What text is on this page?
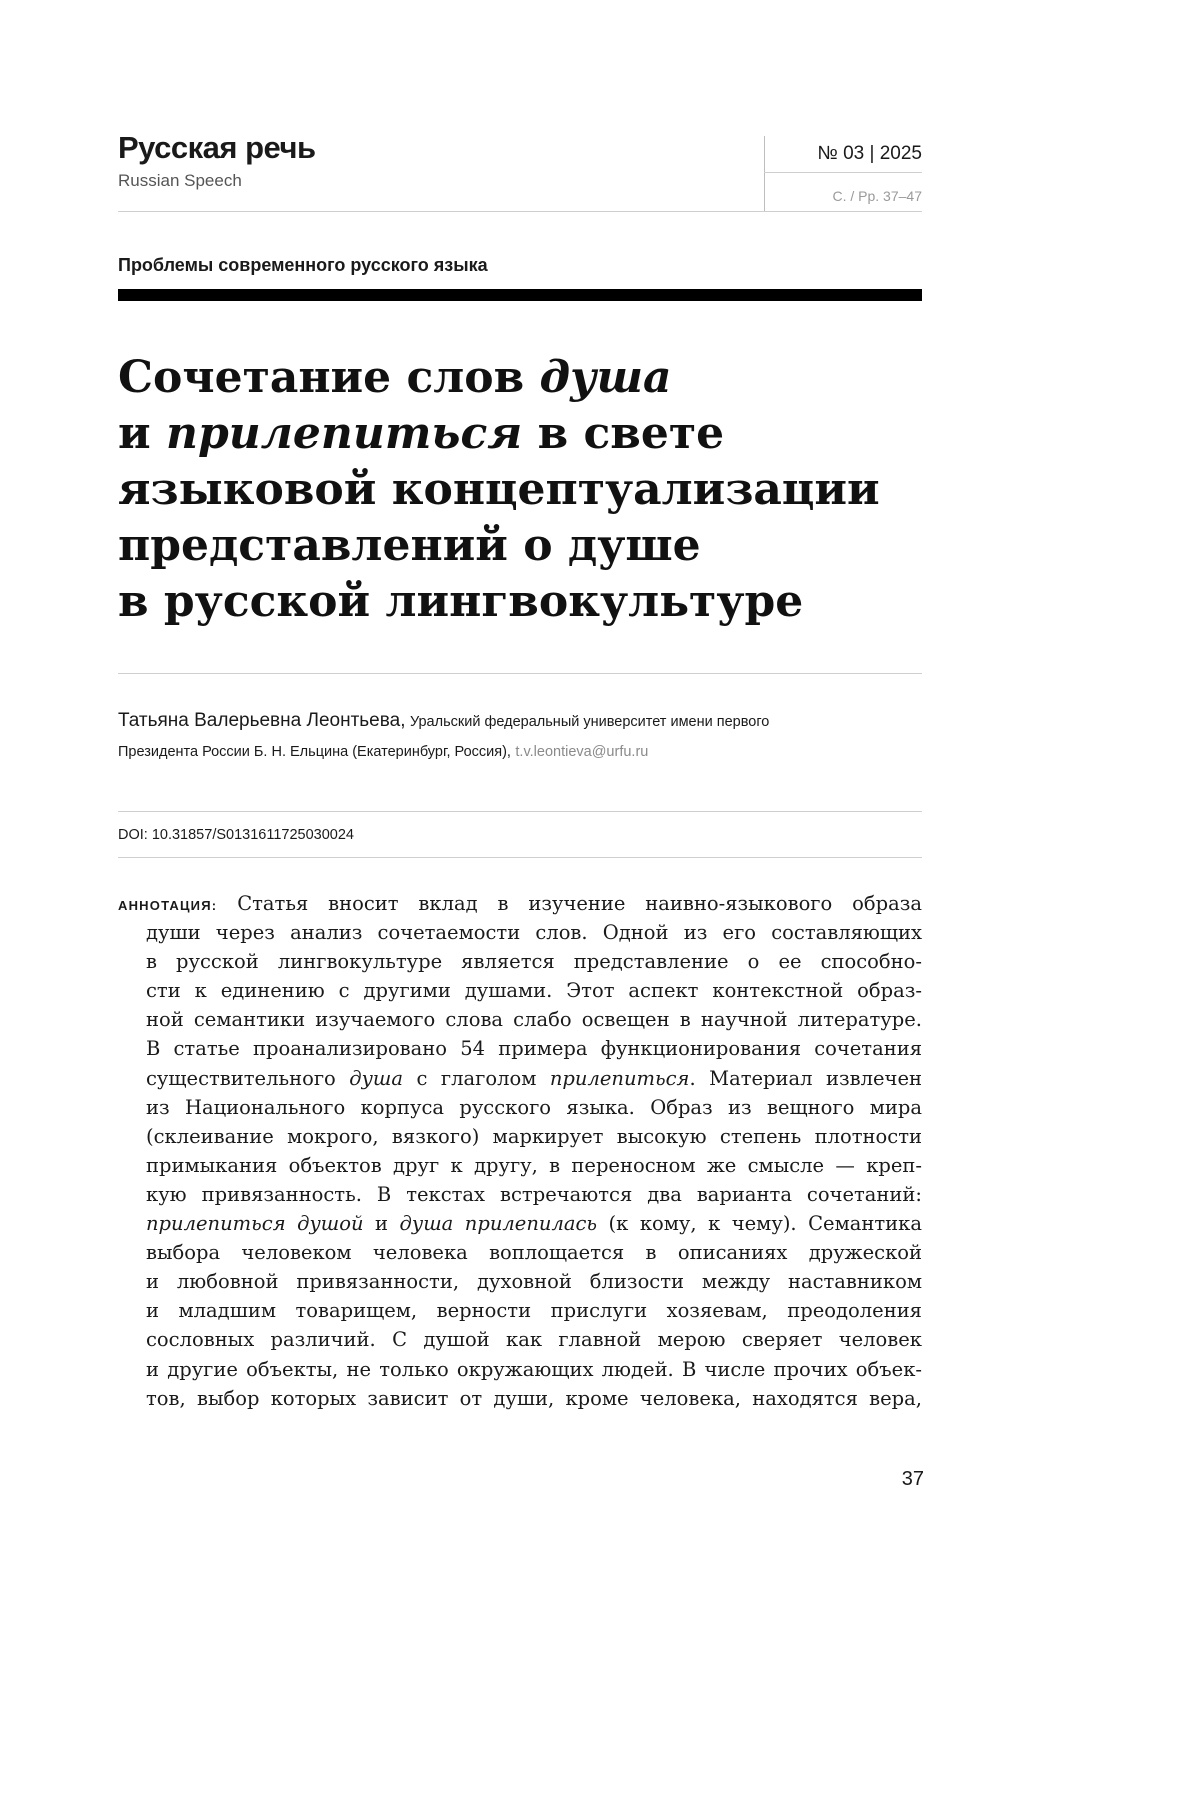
Русская речь
Russian Speech
№ 03 | 2025
С. / Pp. 37–47
Проблемы современного русского языка
Сочетание слов душа
и прилепиться в свете
языковой концептуализации
представлений о душе
в русской лингвокультуре
Татьяна Валерьевна Леонтьева, Уральский федеральный университет имени первого
Президента России Б. Н. Ельцина (Екатеринбург, Россия), t.v.leontieva@urfu.ru
DOI: 10.31857/S0131611725030024
АННОТАЦИЯ: Статья вносит вклад в изучение наивно-языкового образа
души через анализ сочетаемости слов. Одной из его составляющих
в русской лингвокультуре является представление о ее способно-
сти к единению с другими душами. Этот аспект контекстной образ-
ной семантики изучаемого слова слабо освещен в научной литературе.
В статье проанализировано 54 примера функционирования сочетания
существительного душа с глаголом прилепиться. Материал извлечен
из Национального корпуса русского языка. Образ из вещного мира
(склеивание мокрого, вязкого) маркирует высокую степень плотности
примыкания объектов друг к другу, в переносном же смысле — креп-
кую привязанность. В текстах встречаются два варианта сочетаний:
прилепиться душой и душа прилепилась (к кому, к чему). Семантика
выбора человеком человека воплощается в описаниях дружеской
и любовной привязанности, духовной близости между наставником
и младшим товарищем, верности прислуги хозяевам, преодоления
сословных различий. С душой как главной мерою сверяет человек
и другие объекты, не только окружающих людей. В числе прочих объек-
тов, выбор которых зависит от души, кроме человека, находятся вера,
37
